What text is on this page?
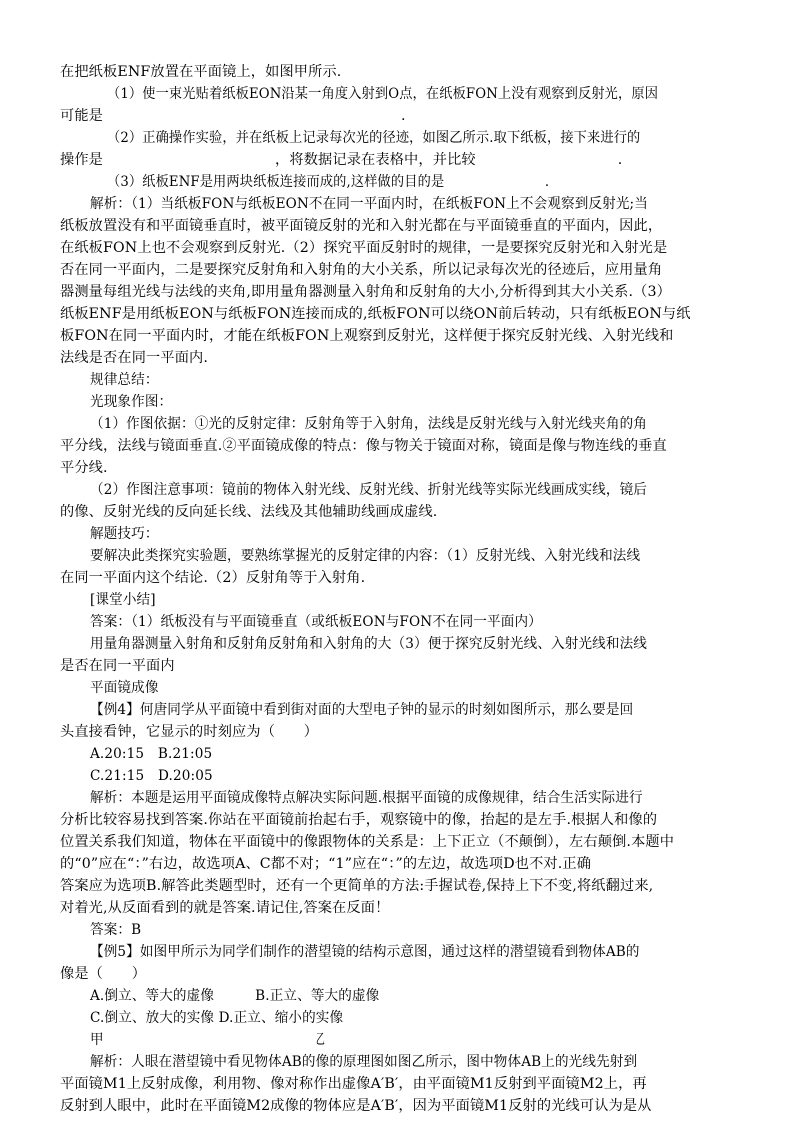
在把纸板ENF放置在平面镜上，如图甲所示.
（1）使一束光贴着纸板EON沿某一角度入射到O点，在纸板FON上没有观察到反射光，原因
可能是	.
（2）正确操作实验，并在纸板上记录每次光的径迹，如图乙所示.取下纸板，接下来进行的
操作是	，将数据记录在表格中，并比较	.
（3）纸板ENF是用两块纸板连接而成的,这样做的目的是	.
解析：（1）当纸板FON与纸板EON不在同一平面内时，在纸板FON上不会观察到反射光;当
纸板放置没有和平面镜垂直时，被平面镜反射的光和入射光都在与平面镜垂直的平面内，因此，
在纸板FON上也不会观察到反射光.（2）探究平面反射时的规律，一是要探究反射光和入射光是
否在同一平面内，二是要探究反射角和入射角的大小关系，所以记录每次光的径迹后，应用量角
器测量每组光线与法线的夹角,即用量角器测量入射角和反射角的大小,分析得到其大小关系.（3）
纸板ENF是用纸板EON与纸板FON连接而成的,纸板FON可以绕ON前后转动，只有纸板EON与纸
板FON在同一平面内时，才能在纸板FON上观察到反射光，这样便于探究反射光线、入射光线和
法线是否在同一平面内.
规律总结：
光现象作图：
（1）作图依据：①光的反射定律：反射角等于入射角，法线是反射光线与入射光线夹角的角
平分线，法线与镜面垂直.②平面镜成像的特点：像与物关于镜面对称，镜面是像与物连线的垂直
平分线.
（2）作图注意事项：镜前的物体入射光线、反射光线、折射光线等实际光线画成实线，镜后
的像、反射光线的反向延长线、法线及其他辅助线画成虚线.
解题技巧：
要解决此类探究实验题，要熟练掌握光的反射定律的内容：（1）反射光线、入射光线和法线
在同一平面内这个结论.（2）反射角等于入射角.
[课堂小结]
答案：（1）纸板没有与平面镜垂直（或纸板EON与FON不在同一平面内）
用量角器测量入射角和反射角反射角和入射角的大（3）便于探究反射光线、入射光线和法线
是否在同一平面内
平面镜成像
【例4】何唐同学从平面镜中看到街对面的大型电子钟的显示的时刻如图所示，那么要是回
头直接看钟，它显示的时刻应为（　　）
A.20:15　B.21:05
C.21:15　D.20:05
解析：本题是运用平面镜成像特点解决实际问题.根据平面镜的成像规律，结合生活实际进行
分析比较容易找到答案.你站在平面镜前抬起右手，观察镜中的像，抬起的是左手.根据人和像的
位置关系我们知道，物体在平面镜中的像跟物体的关系是：上下正立（不颠倒），左右颠倒.本题中
的“0”应在“：”右边，故选项A、C都不对；“1”应在“：”的左边，故选项D也不对.正确
答案应为选项B.解答此类题型时，还有一个更简单的方法:手握试卷,保持上下不变,将纸翻过来,
对着光,从反面看到的就是答案.请记住,答案在反面！
答案：B
【例5】如图甲所示为同学们制作的潜望镜的结构示意图，通过这样的潜望镜看到物体AB的
像是（　　）
A.倒立、等大的虚像　　　B.正立、等大的虚像
C.倒立、放大的实像 D.正立、缩小的实像
甲	乙
解析：人眼在潜望镜中看见物体AB的像的原理图如图乙所示，图中物体AB上的光线先射到
平面镜M1上反射成像，利用物、像对称作出虚像A′B′，由平面镜M1反射到平面镜M2上，再
反射到人眼中，此时在平面镜M2成像的物体应是A′B′，因为平面镜M1反射的光线可认为是从
